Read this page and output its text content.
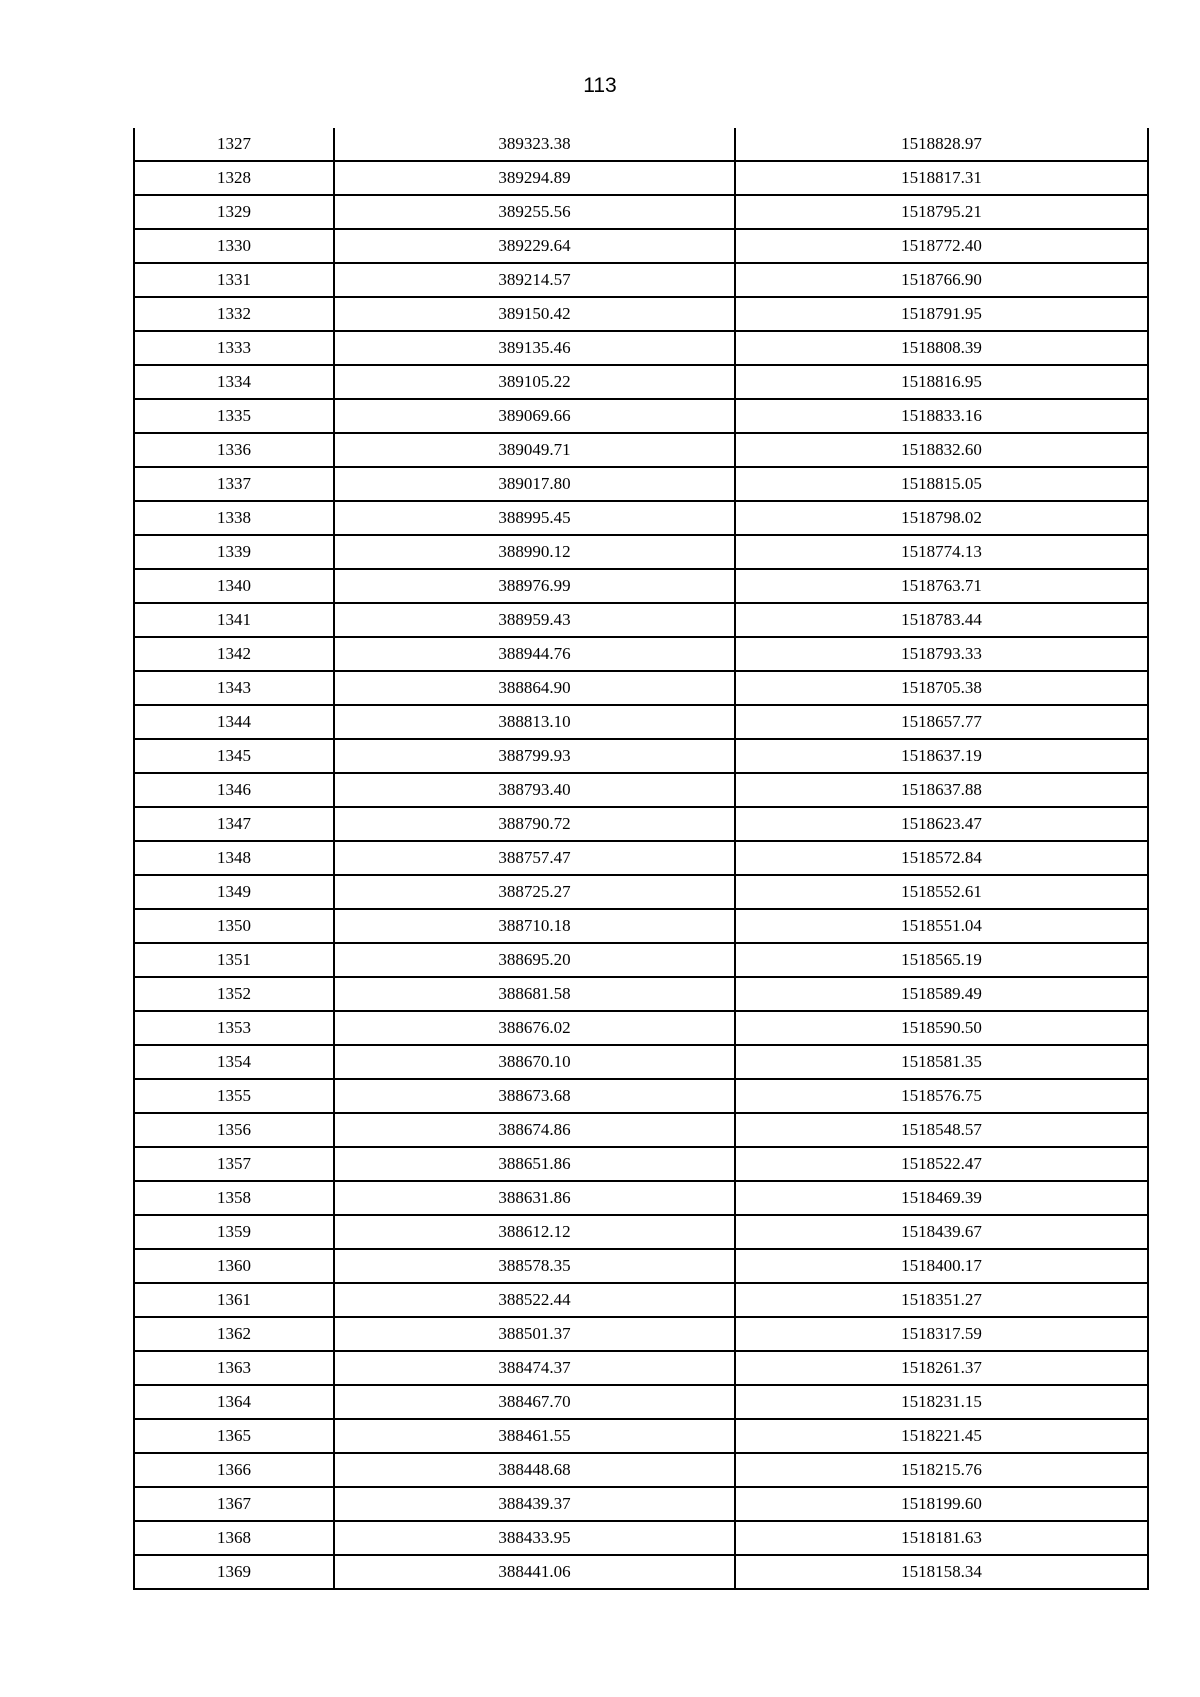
113
1327	389323.38	1518828.97
1328	389294.89	1518817.31
1329	389255.56	1518795.21
1330	389229.64	1518772.40
1331	389214.57	1518766.90
1332	389150.42	1518791.95
1333	389135.46	1518808.39
1334	389105.22	1518816.95
1335	389069.66	1518833.16
1336	389049.71	1518832.60
1337	389017.80	1518815.05
1338	388995.45	1518798.02
1339	388990.12	1518774.13
1340	388976.99	1518763.71
1341	388959.43	1518783.44
1342	388944.76	1518793.33
1343	388864.90	1518705.38
1344	388813.10	1518657.77
1345	388799.93	1518637.19
1346	388793.40	1518637.88
1347	388790.72	1518623.47
1348	388757.47	1518572.84
1349	388725.27	1518552.61
1350	388710.18	1518551.04
1351	388695.20	1518565.19
1352	388681.58	1518589.49
1353	388676.02	1518590.50
1354	388670.10	1518581.35
1355	388673.68	1518576.75
1356	388674.86	1518548.57
1357	388651.86	1518522.47
1358	388631.86	1518469.39
1359	388612.12	1518439.67
1360	388578.35	1518400.17
1361	388522.44	1518351.27
1362	388501.37	1518317.59
1363	388474.37	1518261.37
1364	388467.70	1518231.15
1365	388461.55	1518221.45
1366	388448.68	1518215.76
1367	388439.37	1518199.60
1368	388433.95	1518181.63
1369	388441.06	1518158.34
